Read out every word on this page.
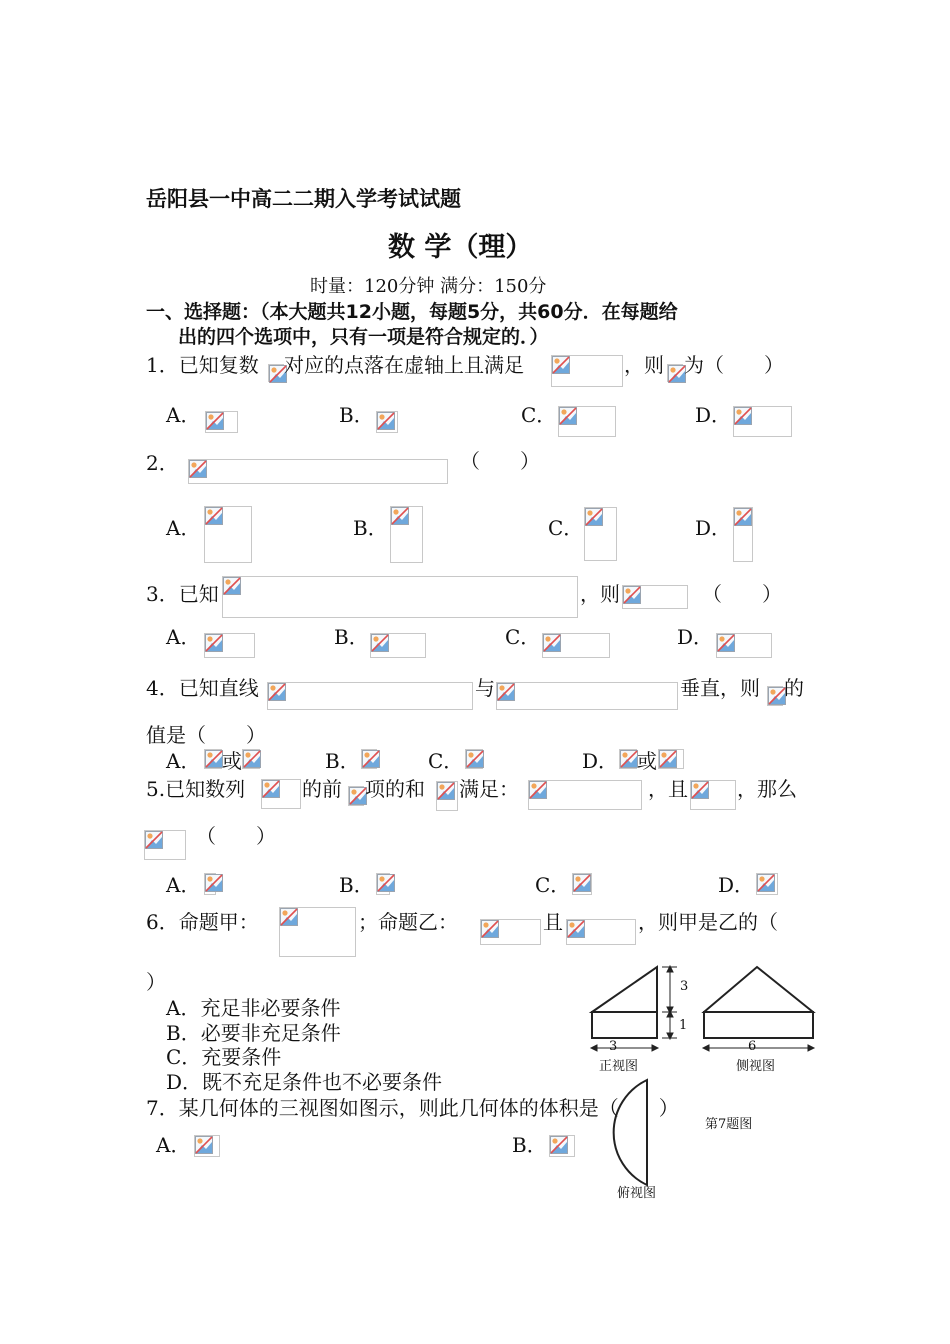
岳阳县一中高二二期入学考试试题
数 学（理）
时量：120分钟 满分：150分
一、选择题：（本大题共12小题，每题5分，共60分．在每题给
出的四个选项中，只有一项是符合规定的．）
1．已知复数 对应的点落在虚轴上且满足	，则 为（　　）
A．	B．	C．	D．
2．	（　　）
A．	B．	C．	D．
3．已知	，则	（　　）
A．	B．	C．	D．
4．已知直线	与	垂直，则 的
值是（　　）
A． 或	B．	C．	D． 或
5.已知数列	的前 项的和 满足：	，且 ，那么
（　　）
A．	B．	C．	D．
6．命题甲：	；命题乙：	且	，则甲是乙的（
）
A．充足非必要条件
B．必要非充足条件
C．充要条件
D．既不充足条件也不必要条件
7．某几何体的三视图如图示，则此几何体的体积是（　　）
A．	B．
3
1
3	6
正视图	侧视图
第7题图
俯视图
